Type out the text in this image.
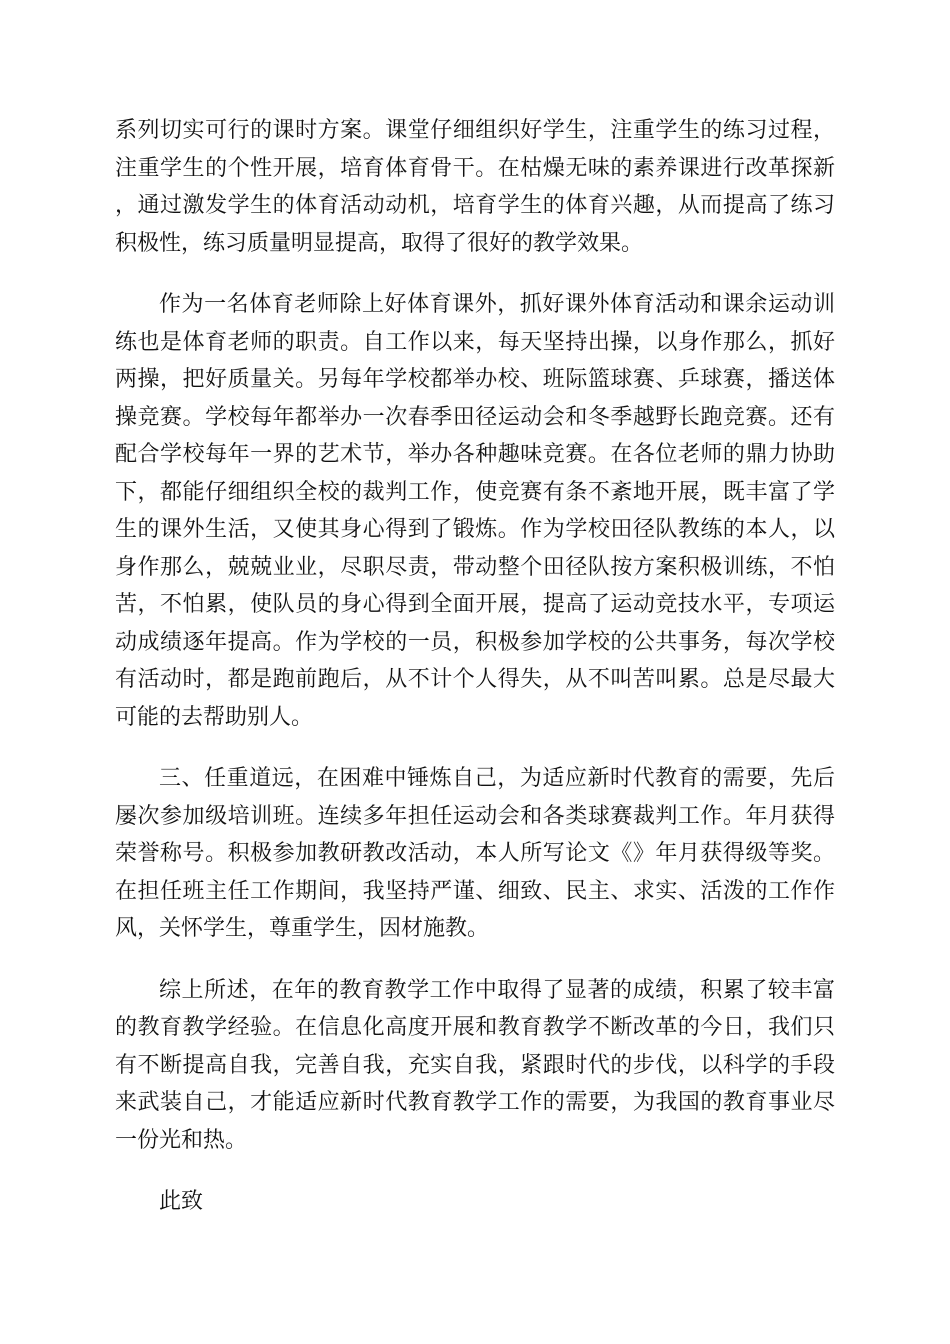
系列切实可行的课时方案。课堂仔细组织好学生，注重学生的练习过程，注重学生的个性开展，培育体育骨干。在枯燥无味的素养课进行改革探新，通过激发学生的体育活动动机，培育学生的体育兴趣，从而提高了练习积极性，练习质量明显提高，取得了很好的教学效果。

作为一名体育老师除上好体育课外，抓好课外体育活动和课余运动训练也是体育老师的职责。自工作以来，每天坚持出操，以身作那么，抓好两操，把好质量关。另每年学校都举办校、班际篮球赛、乒球赛，播送体操竞赛。学校每年都举办一次春季田径运动会和冬季越野长跑竞赛。还有配合学校每年一界的艺术节，举办各种趣味竞赛。在各位老师的鼎力协助下，都能仔细组织全校的裁判工作，使竞赛有条不紊地开展，既丰富了学生的课外生活，又使其身心得到了锻炼。作为学校田径队教练的本人，以身作那么，兢兢业业，尽职尽责，带动整个田径队按方案积极训练，不怕苦，不怕累，使队员的身心得到全面开展，提高了运动竞技水平，专项运动成绩逐年提高。作为学校的一员，积极参加学校的公共事务，每次学校有活动时，都是跑前跑后，从不计个人得失，从不叫苦叫累。总是尽最大可能的去帮助别人。

三、任重道远，在困难中锤炼自己，为适应新时代教育的需要，先后屡次参加级培训班。连续多年担任运动会和各类球赛裁判工作。年月获得荣誉称号。积极参加教研教改活动，本人所写论文《》年月获得级等奖。在担任班主任工作期间，我坚持严谨、细致、民主、求实、活泼的工作作风，关怀学生，尊重学生，因材施教。

综上所述，在年的教育教学工作中取得了显著的成绩，积累了较丰富的教育教学经验。在信息化高度开展和教育教学不断改革的今日，我们只有不断提高自我，完善自我，充实自我，紧跟时代的步伐，以科学的手段来武装自己，才能适应新时代教育教学工作的需要，为我国的教育事业尽一份光和热。

此致
